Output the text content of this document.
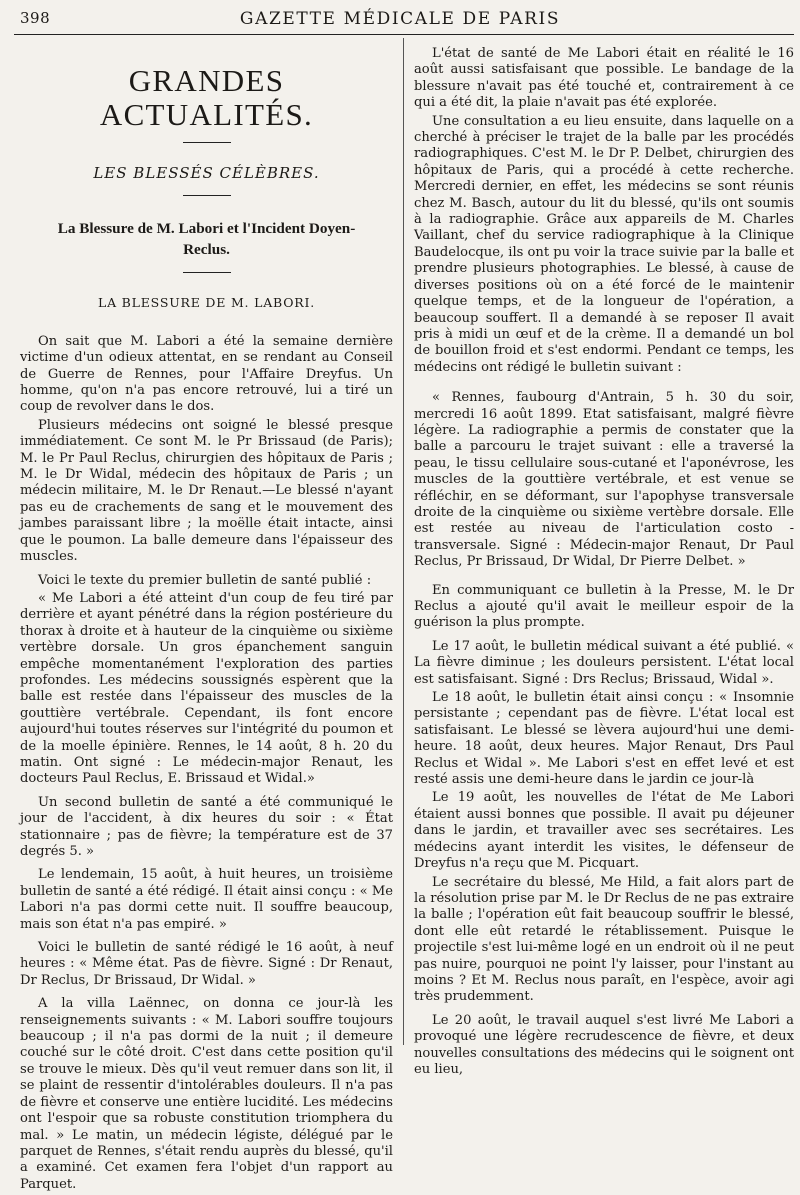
398	GAZETTE MÉDICALE DE PARIS
GRANDES ACTUALITÉS.
LES BLESSÉS CÉLÈBRES.
La Blessure de M. Labori et l'Incident Doyen-Reclus.
LA BLESSURE DE M. LABORI.

On sait que M. Labori a été la semaine dernière victime d'un odieux attentat, en se rendant au Conseil de Guerre de Rennes, pour l'Affaire Dreyfus. Un homme, qu'on n'a pas encore retrouvé, lui a tiré un coup de revolver dans le dos.

Plusieurs médecins ont soigné le blessé presque immédiatement. Ce sont M. le Pr Brissaud (de Paris); M. le Pr Paul Reclus, chirurgien des hôpitaux de Paris ; M. le Dr Widal, médecin des hôpitaux de Paris ; un médecin militaire, M. le Dr Renaut.—Le blessé n'ayant pas eu de crachements de sang et le mouvement des jambes paraissant libre ; la moëlle était intacte, ainsi que le poumon. La balle demeure dans l'épaisseur des muscles.

Voici le texte du premier bulletin de santé publié :

« Me Labori a été atteint d'un coup de feu tiré par derrière et ayant pénétré dans la région postérieure du thorax à droite et à hauteur de la cinquième ou sixième vertèbre dorsale. Un gros épanchement sanguin empêche momentanément l'exploration des parties profondes. Les médecins soussignés espèrent que la balle est restée dans l'épaisseur des muscles de la gouttière vertébrale. Cependant, ils font encore aujourd'hui toutes réserves sur l'intégrité du poumon et de la moelle épinière. Rennes, le 14 août, 8 h. 20 du matin. Ont signé : Le médecin-major Renaut, les docteurs Paul Reclus, E. Brissaud et Widal.»

Un second bulletin de santé a été communiqué le jour de l'accident, à dix heures du soir : « État stationnaire ; pas de fièvre; la température est de 37 degrés 5. »

Le lendemain, 15 août, à huit heures, un troisième bulletin de santé a été rédigé. Il était ainsi conçu : « Me Labori n'a pas dormi cette nuit. Il souffre beaucoup, mais son état n'a pas empiré. »

Voici le bulletin de santé rédigé le 16 août, à neuf heures : « Même état. Pas de fièvre. Signé : Dr Renaut, Dr Reclus, Dr Brissaud, Dr Widal. »

A la villa Laënnec, on donna ce jour-là les renseignements suivants : « M. Labori souffre toujours beaucoup ; il n'a pas dormi de la nuit ; il demeure couché sur le côté droit. C'est dans cette position qu'il se trouve le mieux. Dès qu'il veut remuer dans son lit, il se plaint de ressentir d'intolérables douleurs. Il n'a pas de fièvre et conserve une entière lucidité. Les médecins ont l'espoir que sa robuste constitution triomphera du mal. » Le matin, un médecin légiste, délégué par le parquet de Rennes, s'était rendu auprès du blessé, qu'il a examiné. Cet examen fera l'objet d'un rapport au Parquet.

L'état de santé de Me Labori était en réalité le 16 août aussi satisfaisant que possible. Le bandage de la blessure n'avait pas été touché et, contrairement à ce qui a été dit, la plaie n'avait pas été explorée.

Une consultation a eu lieu ensuite, dans laquelle on a cherché à préciser le trajet de la balle par les procédés radiographiques. C'est M. le Dr P. Delbet, chirurgien des hôpitaux de Paris, qui a procédé à cette recherche. Mercredi dernier, en effet, les médecins se sont réunis chez M. Basch, autour du lit du blessé, qu'ils ont soumis à la radiographie. Grâce aux appareils de M. Charles Vaillant, chef du service radiographique à la Clinique Baudelocque, ils ont pu voir la trace suivie par la balle et prendre plusieurs photographies. Le blessé, à cause de diverses positions où on a été forcé de le maintenir quelque temps, et de la longueur de l'opération, a beaucoup souffert. Il a demandé à se reposer Il avait pris à midi un œuf et de la crème. Il a demandé un bol de bouillon froid et s'est endormi. Pendant ce temps, les médecins ont rédigé le bulletin suivant :

« Rennes, faubourg d'Antrain, 5 h. 30 du soir, mercredi 16 août 1899. Etat satisfaisant, malgré fièvre légère. La radiographie a permis de constater que la balle a parcouru le trajet suivant : elle a traversé la peau, le tissu cellulaire sous-cutané et l'aponévrose, les muscles de la gouttière vertébrale, et est venue se réfléchir, en se déformant, sur l'apophyse transversale droite de la cinquième ou sixième vertèbre dorsale. Elle est restée au niveau de l'articulation costo - transversale. Signé : Médecin-major Renaut, Dr Paul Reclus, Pr Brissaud, Dr Widal, Dr Pierre Delbet. »

En communiquant ce bulletin à la Presse, M. le Dr Reclus a ajouté qu'il avait le meilleur espoir de la guérison la plus prompte.

Le 17 août, le bulletin médical suivant a été publié. « La fièvre diminue ; les douleurs persistent. L'état local est satisfaisant. Signé : Drs Reclus; Brissaud, Widal ».

Le 18 août, le bulletin était ainsi conçu : « Insomnie persistante ; cependant pas de fièvre. L'état local est satisfaisant. Le blessé se lèvera aujourd'hui une demi-heure. 18 août, deux heures. Major Renaut, Drs Paul Reclus et Widal ». Me Labori s'est en effet levé et est resté assis une demi-heure dans le jardin ce jour-là

Le 19 août, les nouvelles de l'état de Me Labori étaient aussi bonnes que possible. Il avait pu déjeuner dans le jardin, et travailler avec ses secrétaires. Les médecins ayant interdit les visites, le défenseur de Dreyfus n'a reçu que M. Picquart.

Le secrétaire du blessé, Me Hild, a fait alors part de la résolution prise par M. le Dr Reclus de ne pas extraire la balle ; l'opération eût fait beaucoup souffrir le blessé, dont elle eût retardé le rétablissement. Puisque le projectile s'est lui-même logé en un endroit où il ne peut pas nuire, pourquoi ne point l'y laisser, pour l'instant au moins ? Et M. Reclus nous paraît, en l'espèce, avoir agi très prudemment.

Le 20 août, le travail auquel s'est livré Me Labori a provoqué une légère recrudescence de fièvre, et deux nouvelles consultations des médecins qui le soignent ont eu lieu,
